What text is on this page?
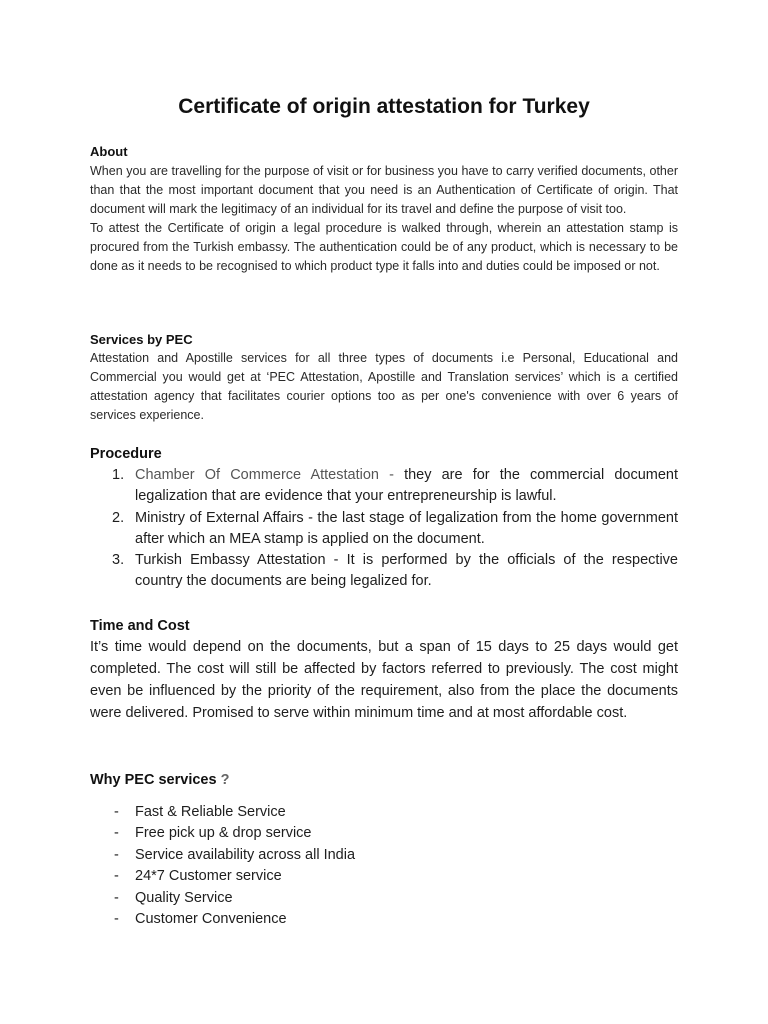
Certificate of origin attestation for Turkey
About

When you are travelling for the purpose of visit or for business you have to carry verified documents, other than that the most important document that you need is an Authentication of Certificate of origin. That document will mark the legitimacy of an individual for its travel and define the purpose of visit too.

To attest the Certificate of origin a legal procedure is walked through, wherein an attestation stamp is procured from the Turkish embassy. The authentication could be of any product, which is necessary to be done as it needs to be recognised to which product type it falls into and duties could be imposed or not.

Services by PEC

Attestation and Apostille services for all three types of documents i.e Personal, Educational and Commercial you would get at ‘PEC Attestation, Apostille and Translation services’ which is a certified attestation agency that facilitates courier options too as per one's convenience with over 6 years of services experience.

Procedure
1. Chamber Of Commerce Attestation - they are for the commercial document legalization that are evidence that your entrepreneurship is lawful.
2. Ministry of External Affairs - the last stage of legalization from the home government after which an MEA stamp is applied on the document.
3. Turkish Embassy Attestation - It is performed by the officials of the respective country the documents are being legalized for.
Time and Cost

It’s time would depend on the documents, but a span of 15 days to 25 days would get completed. The cost will still be affected by factors referred to previously. The cost might even be influenced by the priority of the requirement, also from the place the documents were delivered. Promised to serve within minimum time and at most affordable cost.

Why PEC services ?
- Fast & Reliable Service
- Free pick up & drop service
- Service availability across all India
- 24*7 Customer service
- Quality Service
- Customer Convenience
